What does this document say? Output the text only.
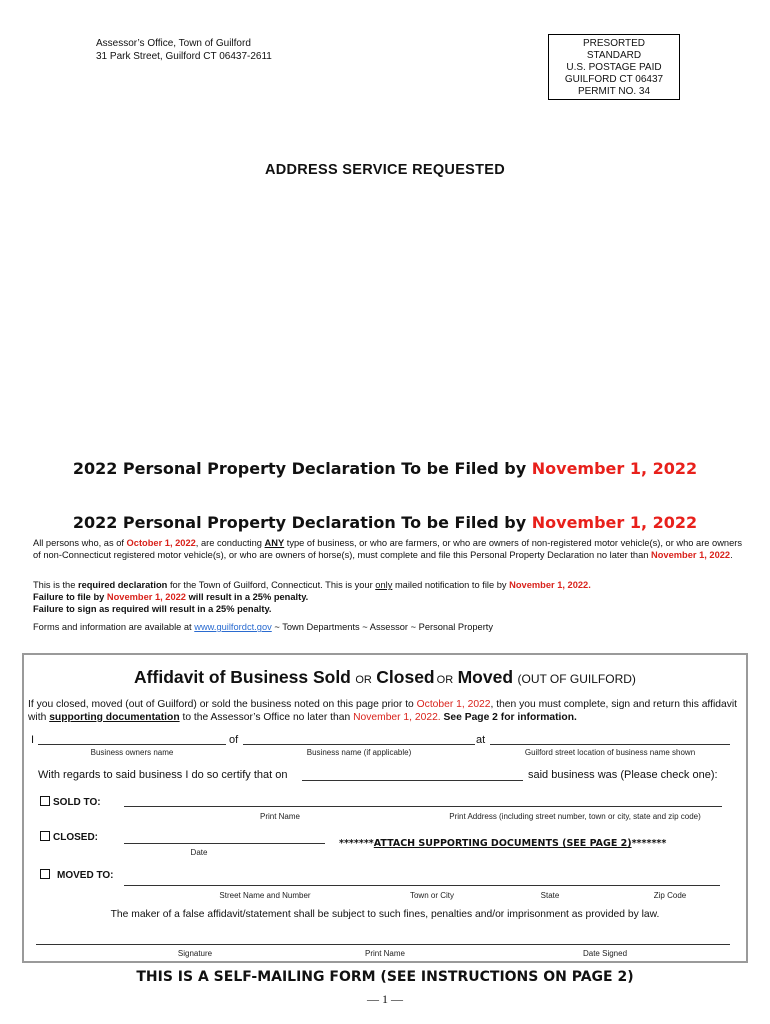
Assessor’s Office, Town of Guilford
31 Park Street, Guilford CT 06437-2611
PRESORTED
STANDARD
U.S. POSTAGE PAID
GUILFORD CT 06437
PERMIT NO. 34
ADDRESS SERVICE REQUESTED
2022 Personal Property Declaration To be Filed by November 1, 2022
2022 Personal Property Declaration To be Filed by November 1, 2022
All persons who, as of October 1, 2022, are conducting ANY type of business, or who are farmers, or who are owners of non-registered motor vehicle(s), or who are owners of non-Connecticut registered motor vehicle(s), or who are owners of horse(s), must complete and file this Personal Property Declaration no later than November 1, 2022.
This is the required declaration for the Town of Guilford, Connecticut. This is your only mailed notification to file by November 1, 2022.
Failure to file by November 1, 2022 will result in a 25% penalty.
Failure to sign as required will result in a 25% penalty.
Forms and information are available at www.guilfordct.gov ~ Town Departments ~ Assessor ~ Personal Property
Affidavit of Business Sold OR Closed OR Moved (OUT OF GUILFORD)
If you closed, moved (out of Guilford) or sold the business noted on this page prior to October 1, 2022, then you must complete, sign and return this affidavit with supporting documentation to the Assessor’s Office no later than November 1, 2022. See Page 2 for information.
I	of	at
Business owners name	Business name (if applicable)	Guilford street location of business name shown
With regards to said business I do so certify that on	said business was (Please check one):
SOLD TO:
Print Name	Print Address (including street number, town or city, state and zip code)
CLOSED:
Date
*******ATTACH SUPPORTING DOCUMENTS (SEE PAGE 2)*******
MOVED TO:
Street Name and Number	Town or City	State	Zip Code
The maker of a false affidavit/statement shall be subject to such fines, penalties and/or imprisonment as provided by law.
Signature	Print Name	Date Signed
THIS IS A SELF-MAILING FORM (SEE INSTRUCTIONS ON PAGE 2)
— 1 —
